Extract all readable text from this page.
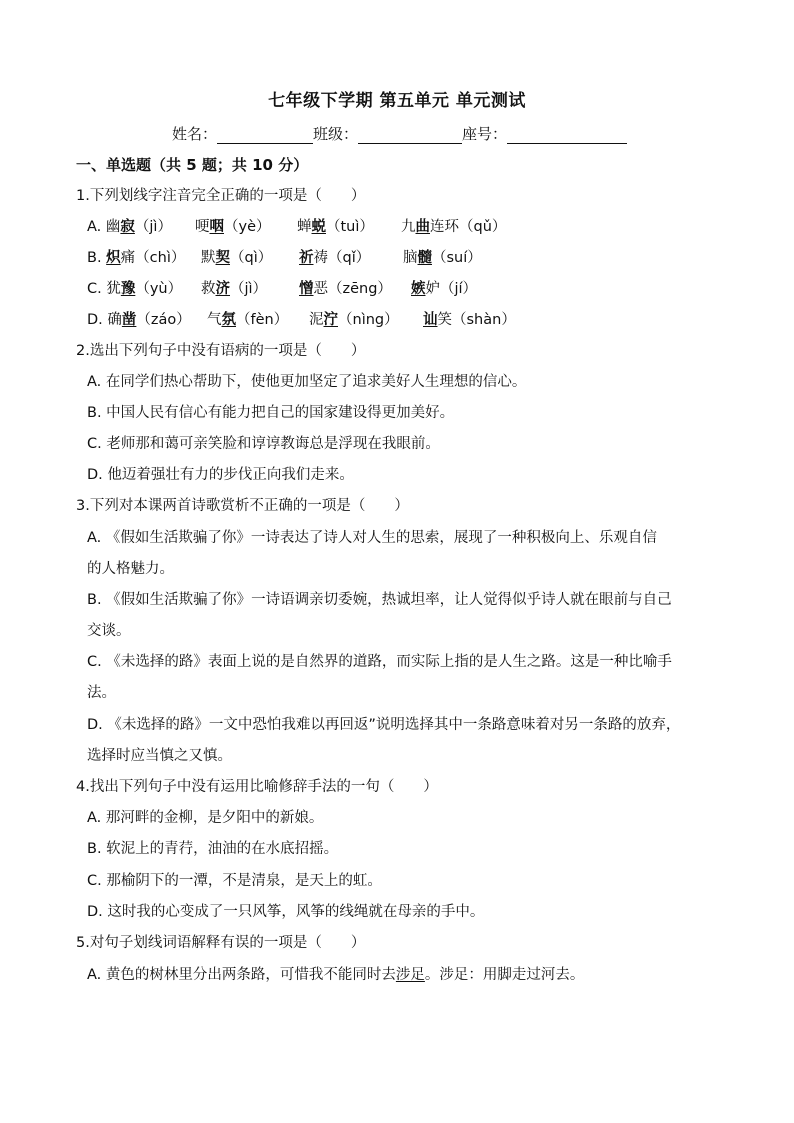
七年级下学期 第五单元 单元测试
姓名：	班级：	座号：
一、单选题（共 5 题；共 10 分）
1.下列划线字注音完全正确的一项是（　　）
A. 幽寂（jì）	哽咽（yè）	蝉蜕（tuì）	九曲连环（qǔ）
B. 炽痛（chì）	默契（qì）	祈祷（qǐ）	脑髓（suí）
C. 犹豫（yù）	救济（jì）	憎恶（zēng）	嫉妒（jí）
D. 确凿（záo）	气氛（fèn）	泥泞（nìng）	讪笑（shàn）
2.选出下列句子中没有语病的一项是（　　）
A. 在同学们热心帮助下，使他更加坚定了追求美好人生理想的信心。
B. 中国人民有信心有能力把自己的国家建设得更加美好。
C. 老师那和蔼可亲笑脸和谆谆教诲总是浮现在我眼前。
D. 他迈着强壮有力的步伐正向我们走来。
3.下列对本课两首诗歌赏析不正确的一项是（　　）
A. 《假如生活欺骗了你》一诗表达了诗人对人生的思索，展现了一种积极向上、乐观自信
的人格魅力。
B. 《假如生活欺骗了你》一诗语调亲切委婉，热诚坦率，让人觉得似乎诗人就在眼前与自己
交谈。
C. 《未选择的路》表面上说的是自然界的道路，而实际上指的是人生之路。这是一种比喻手
法。
D. 《未选择的路》一文中恐怕我难以再回返”说明选择其中一条路意味着对另一条路的放弃，
选择时应当慎之又慎。
4.找出下列句子中没有运用比喻修辞手法的一句（　　）
A. 那河畔的金柳，是夕阳中的新娘。
B. 软泥上的青荇，油油的在水底招摇。
C. 那榆阴下的一潭，不是清泉，是天上的虹。
D. 这时我的心变成了一只风筝，风筝的线绳就在母亲的手中。
5.对句子划线词语解释有误的一项是（　　）
A. 黄色的树林里分出两条路，可惜我不能同时去涉足。涉足：用脚走过河去。
